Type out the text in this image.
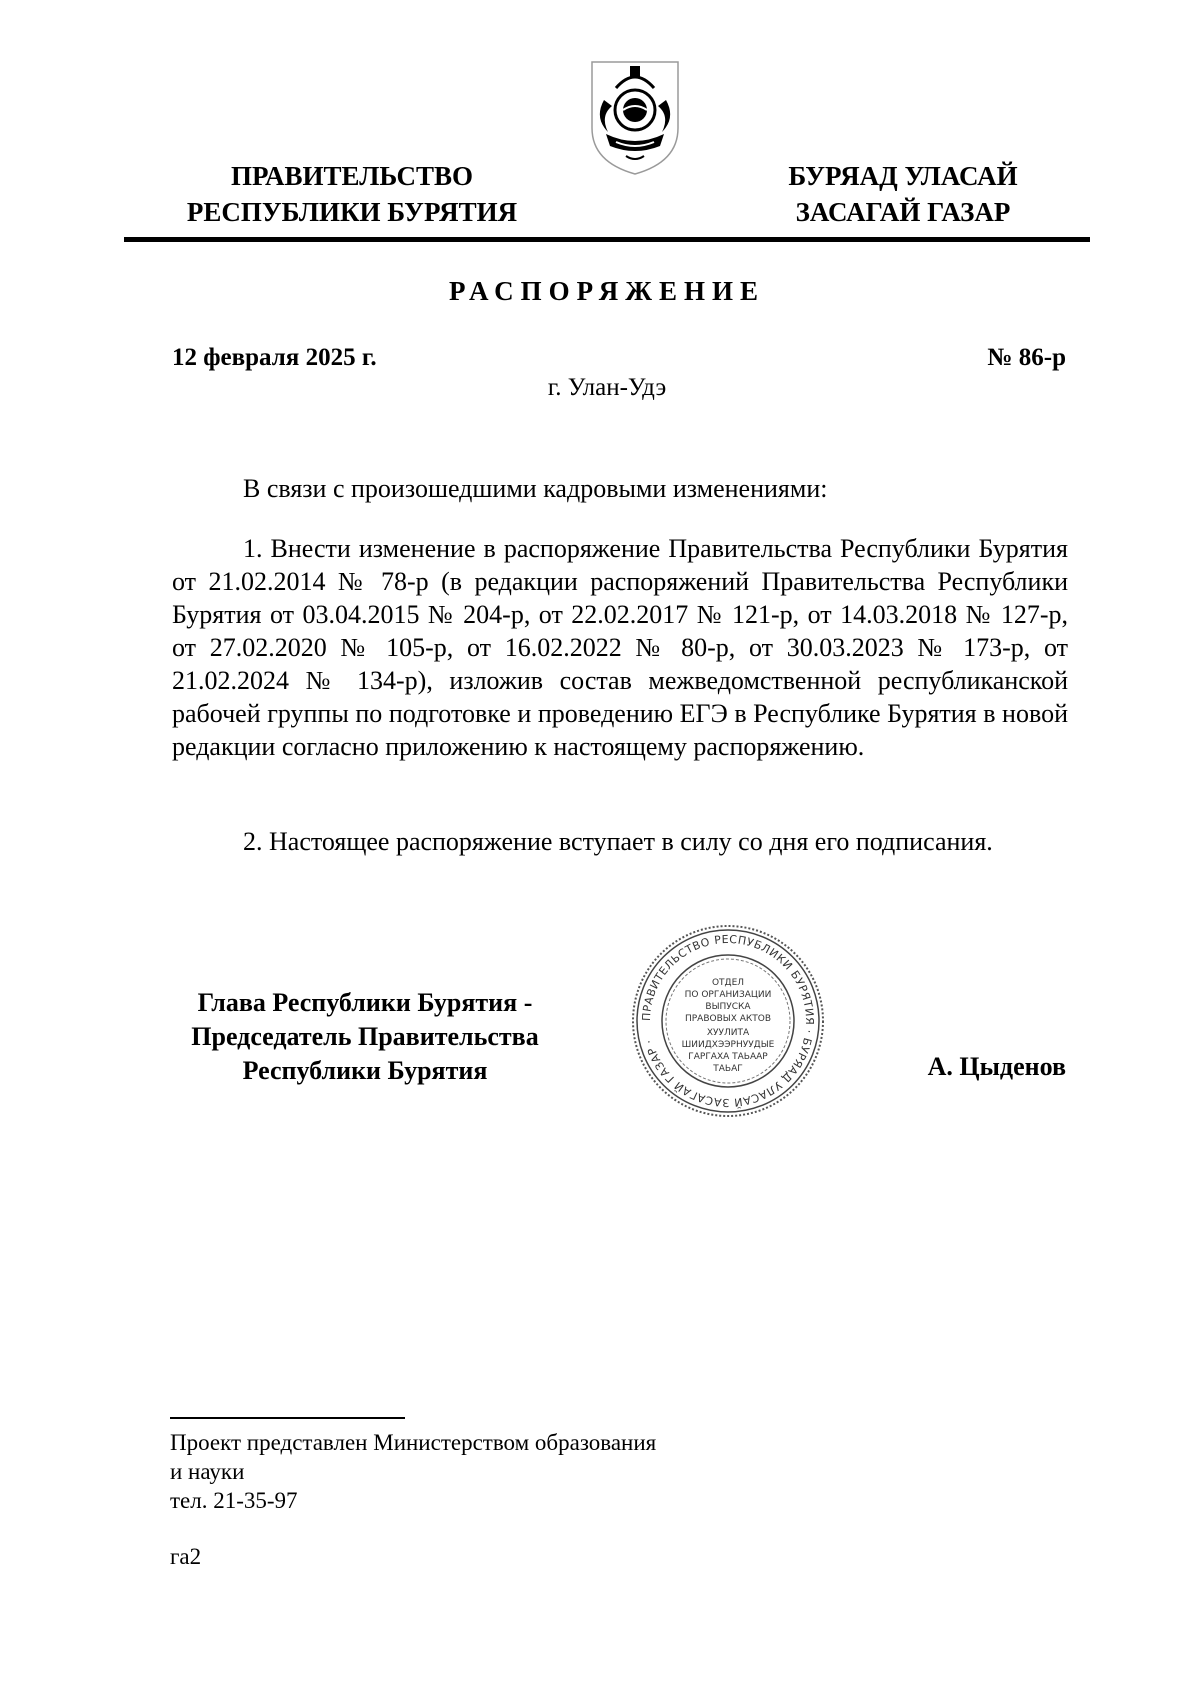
ПРАВИТЕЛЬСТВО
РЕСПУБЛИКИ БУРЯТИЯ
БУРЯАД УЛАСАЙ
ЗАСАГАЙ ГАЗАР
РАСПОРЯЖЕНИЕ
12 февраля 2025 г.	№ 86-р
г. Улан-Удэ
В связи с произошедшими кадровыми изменениями:
1. Внести изменение в распоряжение Правительства Республики Бурятия от 21.02.2014 № 78-р (в редакции распоряжений Правительства Республики Бурятия от 03.04.2015 № 204-р, от 22.02.2017 № 121-р, от 14.03.2018 № 127-р, от 27.02.2020 № 105-р, от 16.02.2022 № 80-р, от 30.03.2023 № 173-р, от 21.02.2024 № 134-р), изложив состав межведомственной республиканской рабочей группы по подготовке и проведению ЕГЭ в Республике Бурятия в новой редакции согласно приложению к настоящему распоряжению.
2. Настоящее распоряжение вступает в силу со дня его подписания.
Глава Республики Бурятия -
Председатель Правительства
Республики Бурятия
ПРАВИТЕЛЬСТВО РЕСПУБЛИКИ БУРЯТИЯ · БУРЯАД УЛАСАЙ ЗАСАГАЙ ГАЗАР ·
ОТДЕЛ
ПО ОРГАНИЗАЦИИ
ВЫПУСКА
ПРАВОВЫХ АКТОВ
ХУУЛИТА
ШИИДХЭЭРНУУДЫЕ
ГАРГАХА ТАЬААР
ТАЬАГ	А. Цыденов
Проект представлен Министерством образования
и науки
тел. 21-35-97
га2
